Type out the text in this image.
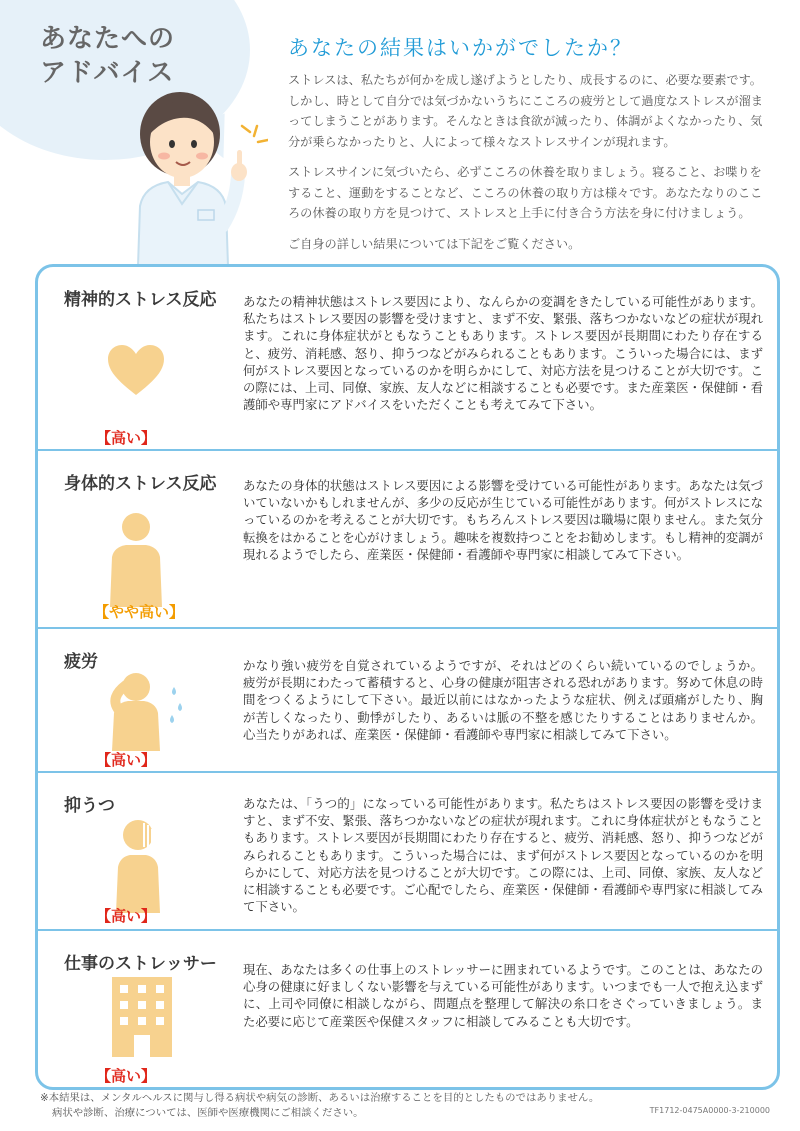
あなたへの
アドバイス
あなたの結果はいかがでしたか？

ストレスは、私たちが何かを成し遂げようとしたり、成長するのに、必要な要素です。しかし、時として自分では気づかないうちにこころの疲労として過度なストレスが溜まってしまうことがあります。そんなときは食欲が減ったり、体調がよくなかったり、気分が乗らなかったりと、人によって様々なストレスサインが現れます。

ストレスサインに気づいたら、必ずこころの休養を取りましょう。寝ること、お喋りをすること、運動をすることなど、こころの休養の取り方は様々です。あなたなりのこころの休養の取り方を見つけて、ストレスと上手に付き合う方法を身に付けましょう。

ご自身の詳しい結果については下記をご覧ください。

精神的ストレス反応
【高い】
あなたの精神状態はストレス要因により、なんらかの変調をきたしている可能性があります。私たちはストレス要因の影響を受けますと、まず不安、緊張、落ちつかないなどの症状が現れます。これに身体症状がともなうこともあります。ストレス要因が長期間にわたり存在すると、疲労、消耗感、怒り、抑うつなどがみられることもあります。こういった場合には、まず何がストレス要因となっているのかを明らかにして、対応方法を見つけることが大切です。この際には、上司、同僚、家族、友人などに相談することも必要です。また産業医・保健師・看護師や専門家にアドバイスをいただくことも考えてみて下さい。
身体的ストレス反応
【やや高い】
あなたの身体的状態はストレス要因による影響を受けている可能性があります。あなたは気づいていないかもしれませんが、多少の反応が生じている可能性があります。何がストレスになっているのかを考えることが大切です。もちろんストレス要因は職場に限りません。また気分転換をはかることを心がけましょう。趣味を複数持つことをお勧めします。もし精神的変調が現れるようでしたら、産業医・保健師・看護師や専門家に相談してみて下さい。
疲労
【高い】
かなり強い疲労を自覚されているようですが、それはどのくらい続いているのでしょうか。疲労が長期にわたって蓄積すると、心身の健康が阻害される恐れがあります。努めて休息の時間をつくるようにして下さい。最近以前にはなかったような症状、例えば頭痛がしたり、胸が苦しくなったり、動悸がしたり、あるいは脈の不整を感じたりすることはありませんか。心当たりがあれば、産業医・保健師・看護師や専門家に相談してみて下さい。
抑うつ
【高い】
あなたは、「うつ的」になっている可能性があります。私たちはストレス要因の影響を受けますと、まず不安、緊張、落ちつかないなどの症状が現れます。これに身体症状がともなうこともあります。ストレス要因が長期間にわたり存在すると、疲労、消耗感、怒り、抑うつなどがみられることもあります。こういった場合には、まず何がストレス要因となっているのかを明らかにして、対応方法を見つけることが大切です。この際には、上司、同僚、家族、友人などに相談することも必要です。ご心配でしたら、産業医・保健師・看護師や専門家に相談してみて下さい。
仕事のストレッサー
【高い】
現在、あなたは多くの仕事上のストレッサーに囲まれているようです。このことは、あなたの心身の健康に好ましくない影響を与えている可能性があります。いつまでも一人で抱え込まずに、上司や同僚に相談しながら、問題点を整理して解決の糸口をさぐっていきましょう。また必要に応じて産業医や保健スタッフに相談してみることも大切です。
※本結果は、メンタルヘルスに関与し得る病状や病気の診断、あるいは治療することを目的としたものではありません。
病状や診断、治療については、医師や医療機関にご相談ください。	TF1712-0475A0000-3-210000
